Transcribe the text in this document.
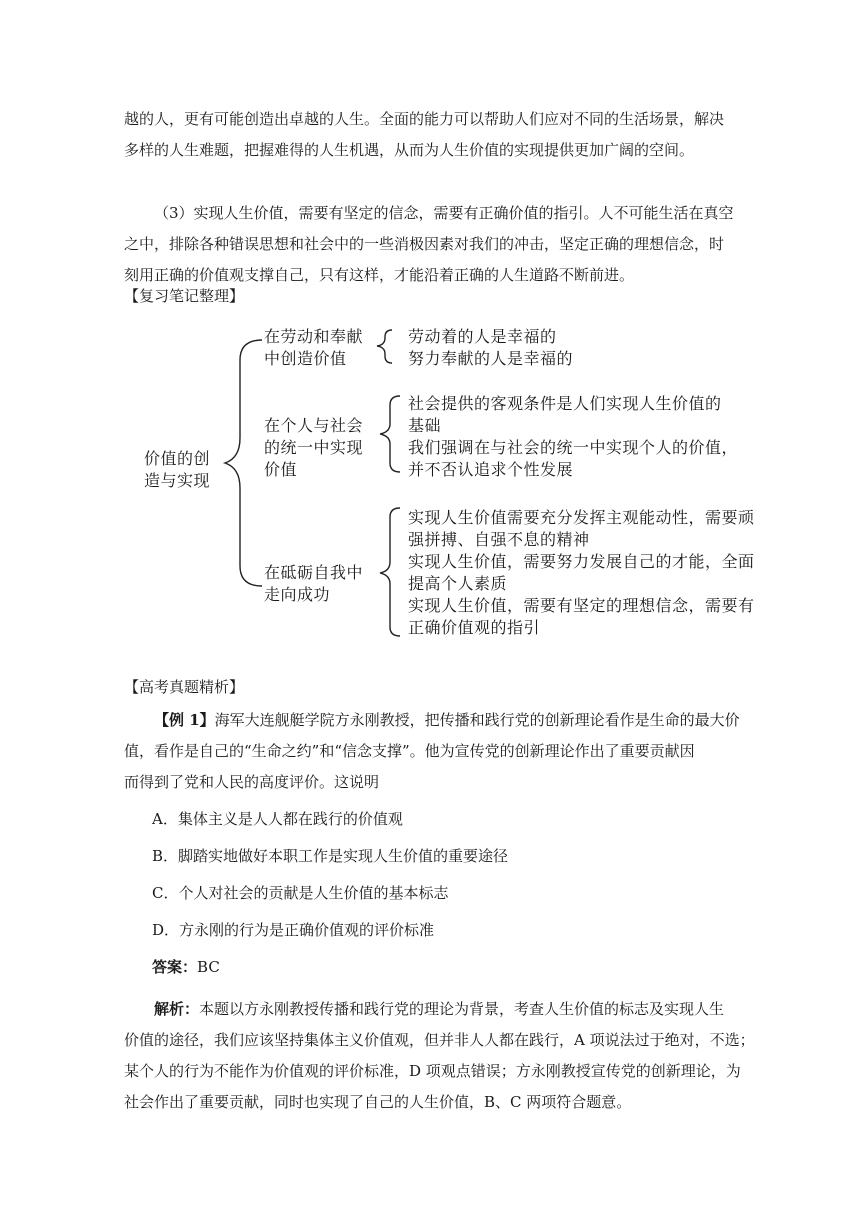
越的人，更有可能创造出卓越的人生。全面的能力可以帮助人们应对不同的生活场景，解决
多样的人生难题，把握难得的人生机遇，从而为人生价值的实现提供更加广阔的空间。
（3）实现人生价值，需要有坚定的信念，需要有正确价值的指引。人不可能生活在真空
之中，排除各种错误思想和社会中的一些消极因素对我们的冲击，坚定正确的理想信念，时
刻用正确的价值观支撑自己，只有这样，才能沿着正确的人生道路不断前进。

【复习笔记整理】

价值的创
造与实现
在劳动和奉献
中创造价值
劳动着的人是幸福的
努力奉献的人是幸福的
在个人与社会
的统一中实现
价值
社会提供的客观条件是人们实现人生价值的
基础
我们强调在与社会的统一中实现个人的价值，
并不否认追求个性发展
在砥砺自我中
走向成功
实现人生价值需要充分发挥主观能动性，需要顽
强拼搏、自强不息的精神
实现人生价值，需要努力发展自己的才能，全面
提高个人素质
实现人生价值，需要有坚定的理想信念，需要有
正确价值观的指引

【高考真题精析】

【例 1】海军大连舰艇学院方永刚教授，把传播和践行党的创新理论看作是生命的最大价
值，看作是自己的“生命之约”和“信念支撑”。他为宣传党的创新理论作出了重要贡献因
而得到了党和人民的高度评价。这说明

A．集体主义是人人都在践行的价值观

B．脚踏实地做好本职工作是实现人生价值的重要途径

C．个人对社会的贡献是人生价值的基本标志

D．方永刚的行为是正确价值观的评价标准

答案：BC

解析：本题以方永刚教授传播和践行党的理论为背景，考查人生价值的标志及实现人生
价值的途径，我们应该坚持集体主义价值观，但并非人人都在践行，A 项说法过于绝对，不选；
某个人的行为不能作为价值观的评价标准，D 项观点错误；方永刚教授宣传党的创新理论，为
社会作出了重要贡献，同时也实现了自己的人生价值，B、C 两项符合题意。
